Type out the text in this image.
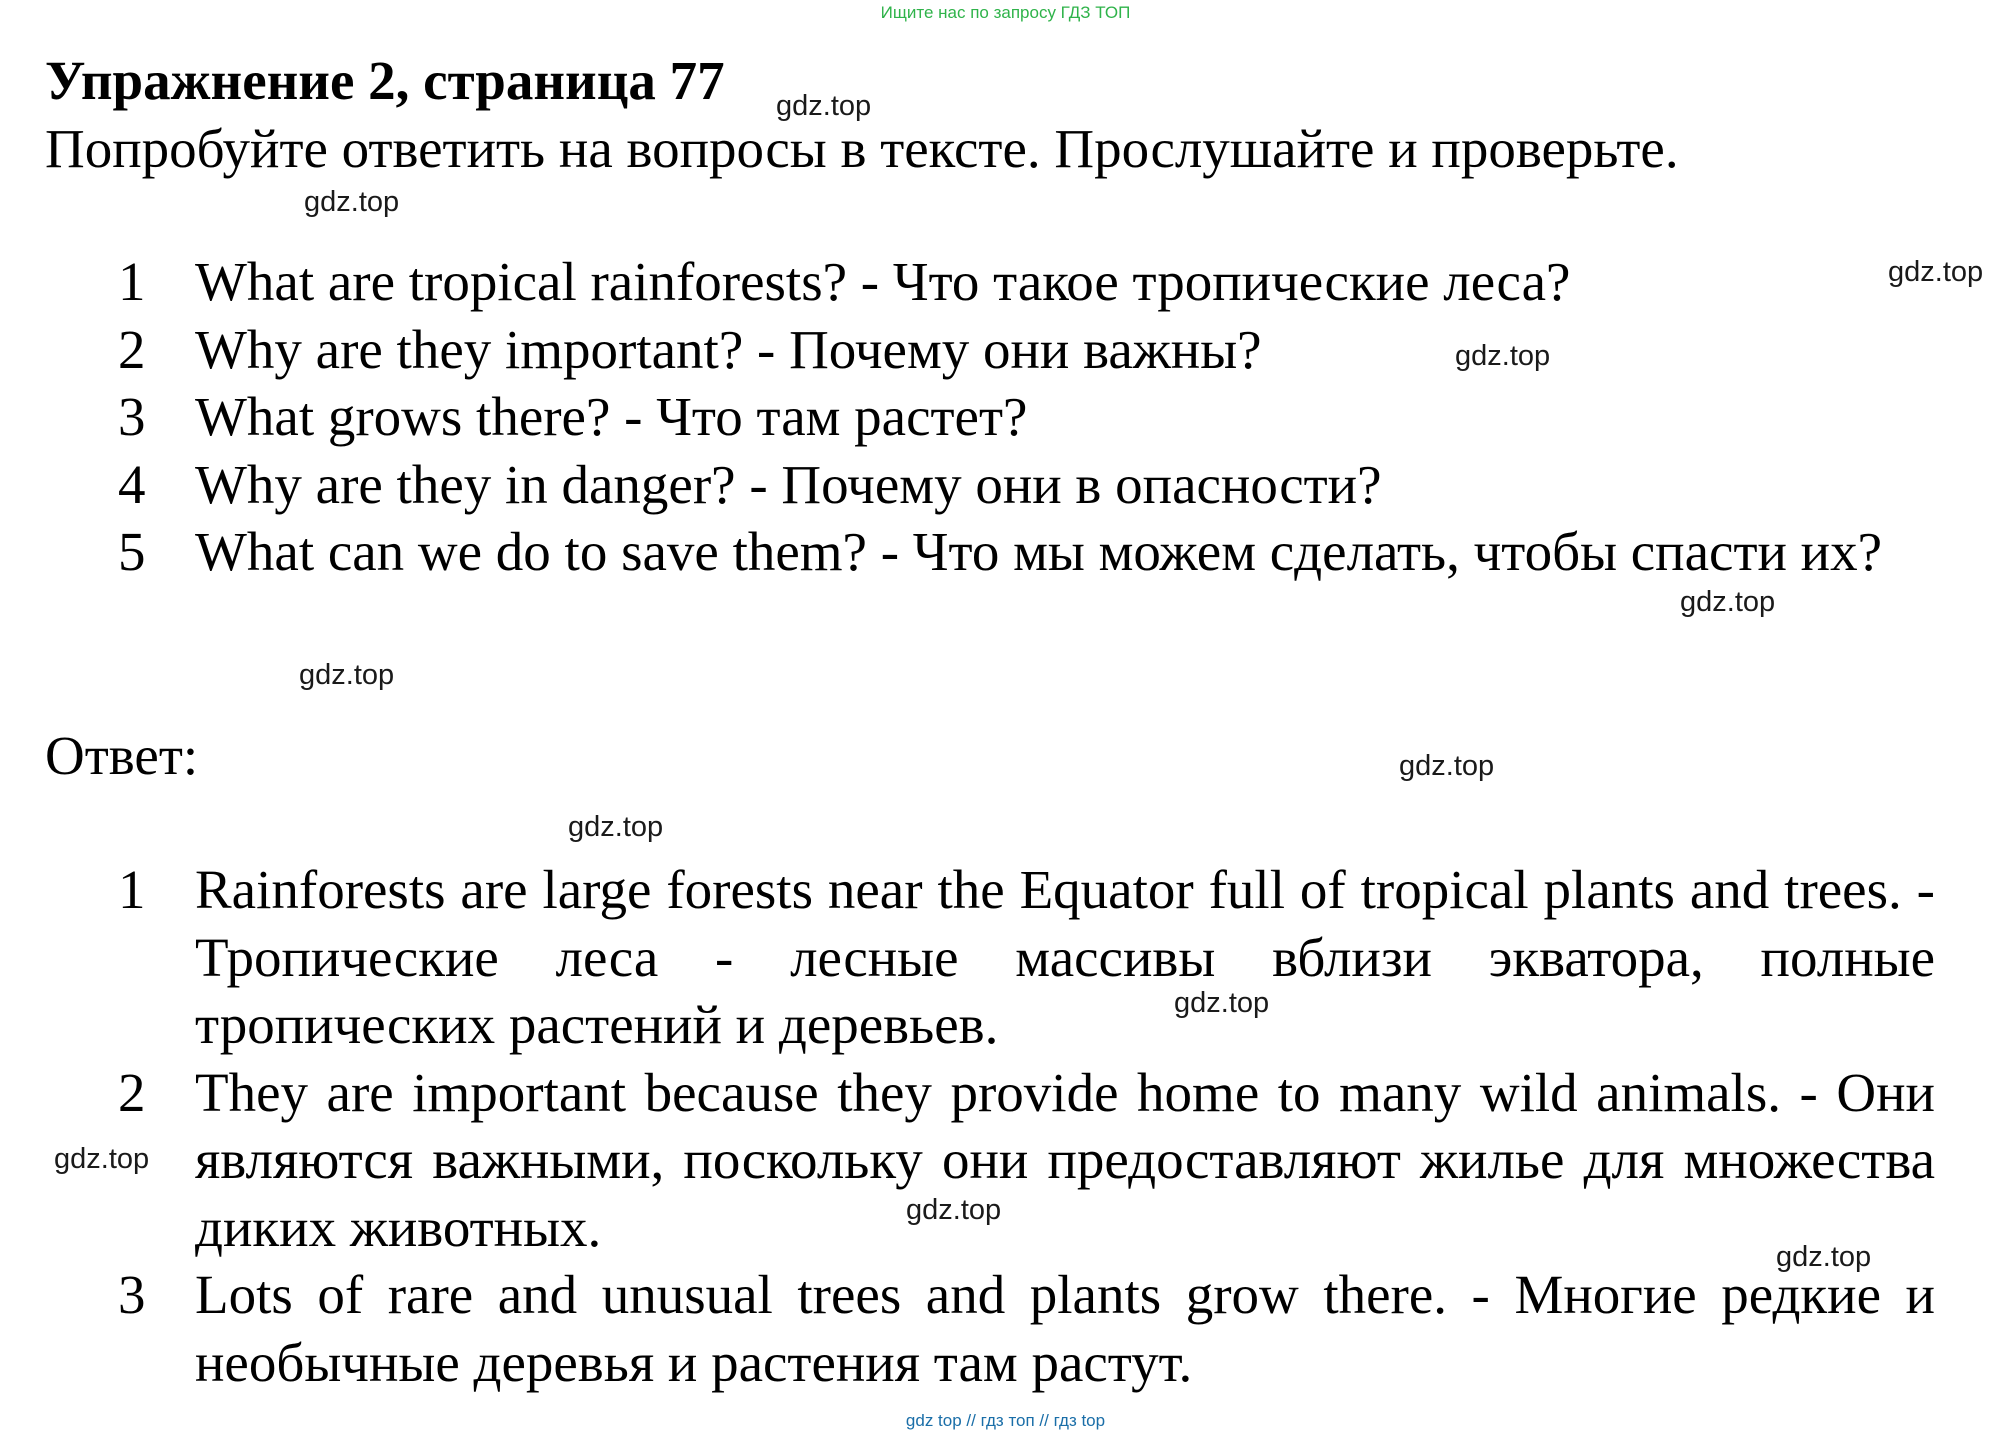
Ищите нас по запросу ГДЗ ТОП
Упражнение 2, страница 77
Попробуйте ответить на вопросы в тексте. Прослушайте и проверьте.
1 What are tropical rainforests? - Что такое тропические леса?
2 Why are they important? - Почему они важны?
3 What grows there? - Что там растет?
4 Why are they in danger? - Почему они в опасности?
5 What can we do to save them? - Что мы можем сделать, чтобы спасти их?
Ответ:
1 Rainforests are large forests near the Equator full of tropical plants and trees. - Тропические леса - лесные массивы вблизи экватора, полные тропических растений и деревьев.
2 They are important because they provide home to many wild animals. - Они являются важными, поскольку они предоставляют жилье для множества диких животных.
3 Lots of rare and unusual trees and plants grow there. - Многие редкие и необычные деревья и растения там растут.
gdz.top
gdz.top
gdz.top
gdz.top
gdz.top
gdz.top
gdz.top
gdz.top
gdz.top
gdz.top
gdz.top
gdz.top
gdz top // гдз топ // гдз top
